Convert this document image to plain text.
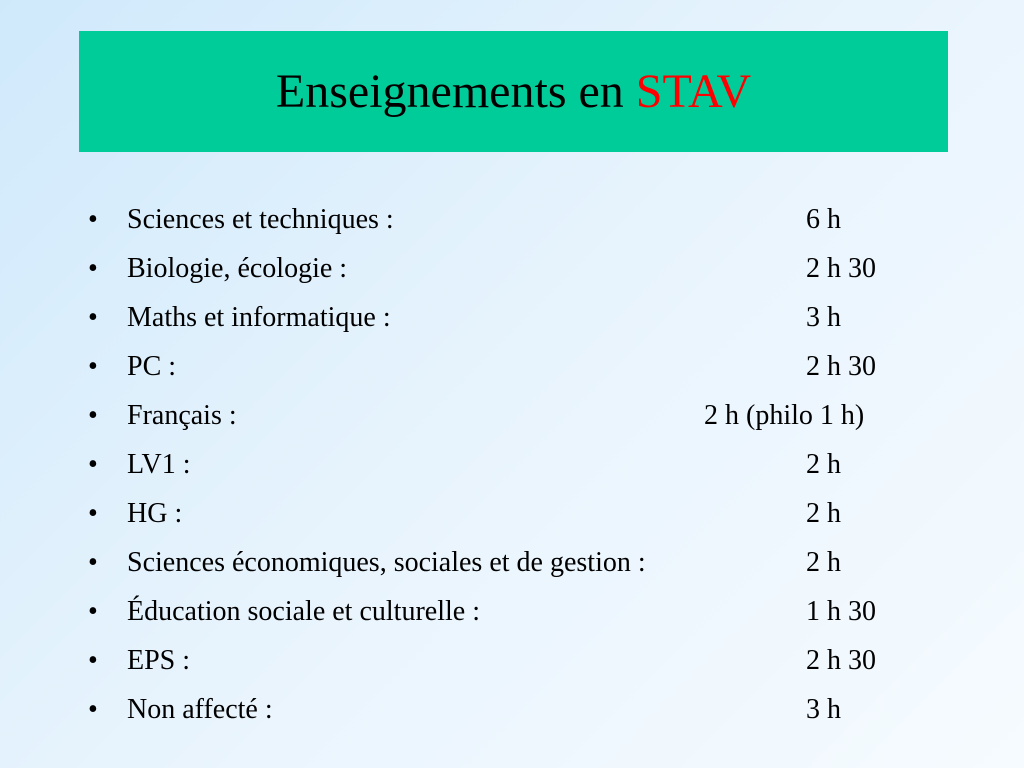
Enseignements en STAV
• Sciences et techniques :	6 h
• Biologie, écologie :	2 h 30
• Maths et informatique :	3 h
• PC :	2 h 30
• Français :	2 h (philo 1 h)
• LV1 :	2 h
• HG :	2 h
• Sciences économiques, sociales et de gestion :	2 h
• Éducation sociale et culturelle :	1 h 30
• EPS :	2 h 30
• Non affecté :	3 h
